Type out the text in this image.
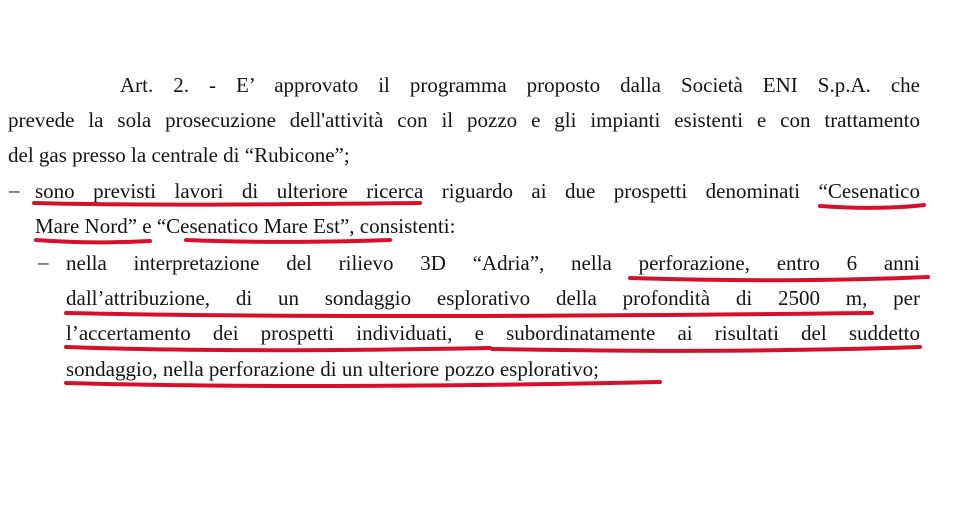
Art. 2. - E’ approvato il programma proposto dalla Società ENI S.p.A. che
prevede la sola prosecuzione dell'attività con il pozzo e gli impianti esistenti e con trattamento
del gas presso la centrale di “Rubicone”;
– sono previsti lavori di ulteriore ricerca riguardo ai due prospetti denominati “Cesenatico
Mare Nord” e “Cesenatico Mare Est”, consistenti:
– nella interpretazione del rilievo 3D “Adria”, nella perforazione, entro 6 anni
dall’attribuzione, di un sondaggio esplorativo della profondità di 2500 m, per
l’accertamento dei prospetti individuati, e subordinatamente ai risultati del suddetto
sondaggio, nella perforazione di un ulteriore pozzo esplorativo;
